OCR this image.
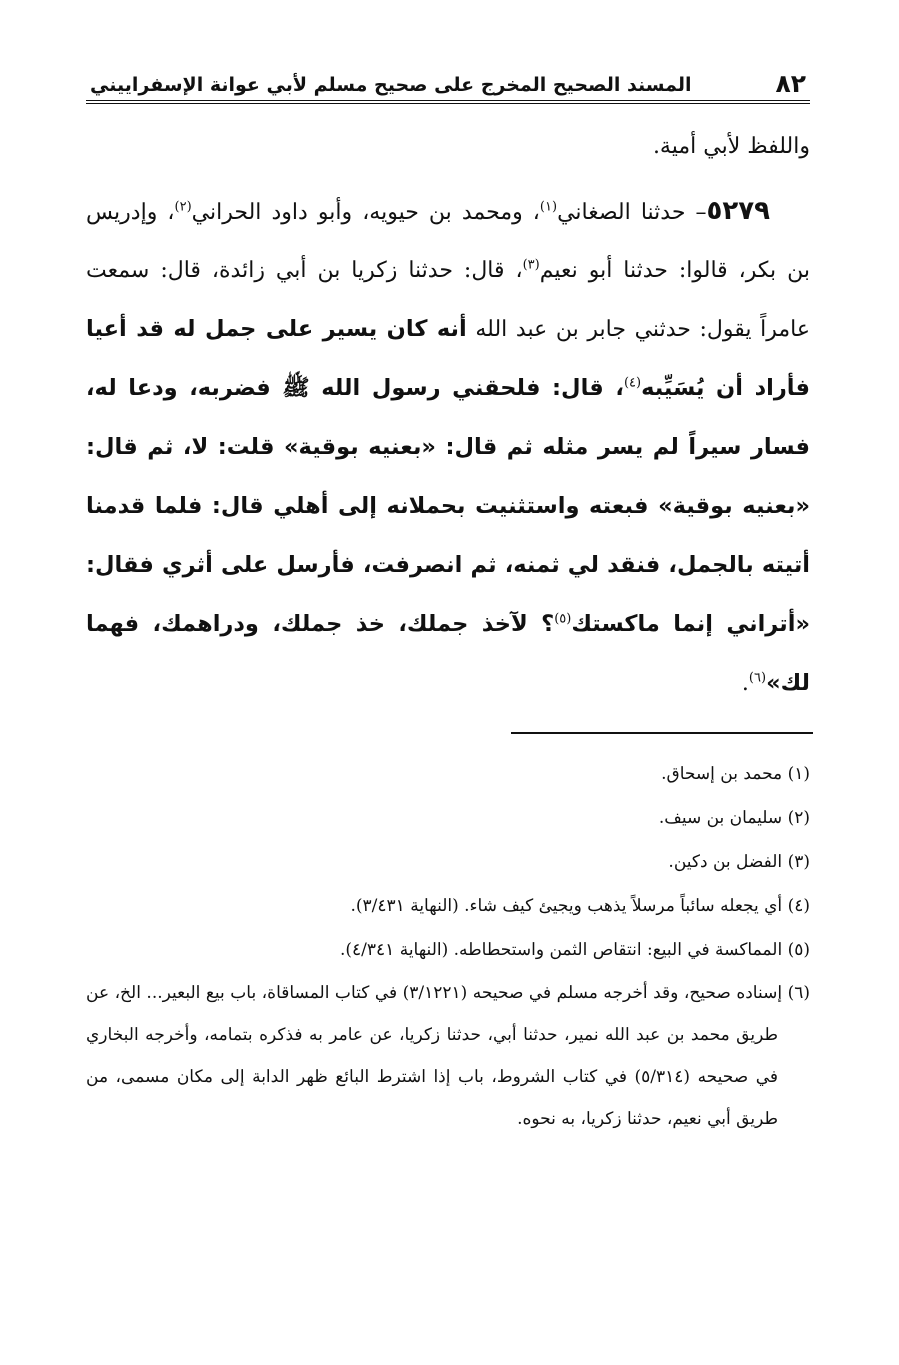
٨٢
المسند الصحيح المخرج على صحيح مسلم لأبي عوانة الإسفراييني

واللفظ لأبي أمية.

٥٢٧٩– حدثنا الصغاني$^{(١)}$، ومحمد بن حيويه، وأبو داود الحراني$^{(٢)}$، وإدريس بن بكر، قالوا: حدثنا أبو نعيم$^{(٣)}$، قال: حدثنا زكريا بن أبي زائدة، قال: سمعت عامراً يقول: حدثني جابر بن عبد الله أنه كان يسير على جمل له قد أعيا فأراد أن يُسَيِّبه$^{(٤)}$، قال: فلحقني رسول الله ﷺ فضربه، ودعا له، فسار سيراً لم يسر مثله ثم قال: «بعنيه بوقية» قلت: لا، ثم قال: «بعنيه بوقية» فبعته واستثنيت بحملانه إلى أهلي قال: فلما قدمنا أتيته بالجمل، فنقد لي ثمنه، ثم انصرفت، فأرسل على أثري فقال: «أتراني إنما ماكستك$^{(٥)}$؟ لآخذ جملك، خذ جملك، ودراهمك، فهما لك»$^{(٦)}$.

(١) محمد بن إسحاق.

(٢) سليمان بن سيف.

(٣) الفضل بن دكين.

(٤) أي يجعله سائباً مرسلاً يذهب ويجيئ كيف شاء. (النهاية ٣/٤٣١).

(٥) المماكسة في البيع: انتقاص الثمن واستحطاطه. (النهاية ٤/٣٤١).

(٦) إسناده صحيح، وقد أخرجه مسلم في صحيحه (٣/١٢٢١) في كتاب المساقاة، باب بيع البعير... الخ، عن طريق محمد بن عبد الله نمير، حدثنا أبي، حدثنا زكريا، عن عامر به فذكره بتمامه، وأخرجه البخاري في صحيحه (٥/٣١٤) في كتاب الشروط، باب إذا اشترط البائع ظهر الدابة إلى مكان مسمى، من طريق أبي نعيم، حدثنا زكريا، به نحوه.
